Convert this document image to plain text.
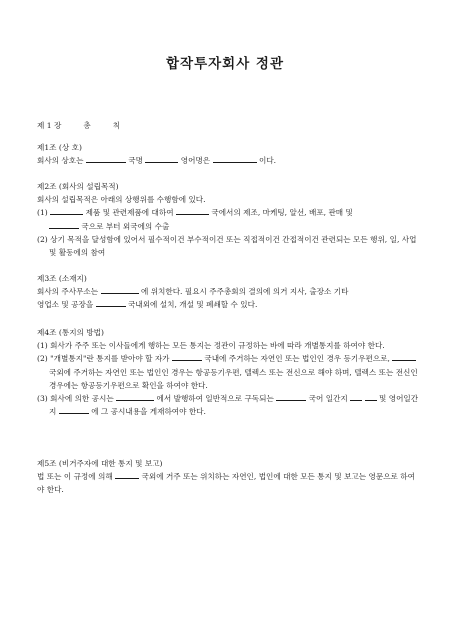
합작투자회사 정관
제 1 장	총	칙
제1조 (상 호)
회사의 상호는	국명	영어명은	이다.
제2조 (회사의 설립목적)
회사의 설립목적은 아래의 상행위를 수행함에 있다.
(1)	제품 및 관련제품에 대하여	국에서의 제조, 마케팅, 알선, 배포, 판매 및
국으로 부터 외국에의 수출
(2) 상기 목적을 달성함에 있어서 필수적이건 부수적이건 또는 직접적이건 간접적이건 관련되는 모든 행위, 일, 사업 및 활동에의 참여
제3조 (소재지)
회사의 주사무소는	에 위치한다. 필요시 주주총회의 결의에 의거 지사, 출장소 기타
영업소 및 공장을	국내외에 설치, 개설 및 폐쇄할 수 있다.
제4조 (통지의 방법)
(1) 회사가 주주 또는 이사들에게 행하는 모든 통지는 정관이 규정하는 바에 따라 개별통지를 하여야 한다.
(2) "개별통지"란 통지를 받아야 할 자가	국내에 주거하는 자연인 또는 법인인 경우 등기우편으로,  국외에 주거하는 자연인 또는 법인인 경우는 항공등기우편, 텔렉스 또는 전신으로 해야 하며, 텔렉스 또는 전신인 경우에는 항공등기우편으로 확인을 하여야 한다.
(3) 회사에 의한 공시는	에서 발행하여 일반적으로 구독되는	국어 일간지	및 영어일간지	에 그 공시내용을 게재하여야 한다.
제5조 (비거주자에 대한 통지 및 보고)
법 또는 이 규정에 의해	국외에 거주 또는 위치하는 자연인, 법인에 대한 모든 통지 및 보고는 영문으로 하여야 한다.
